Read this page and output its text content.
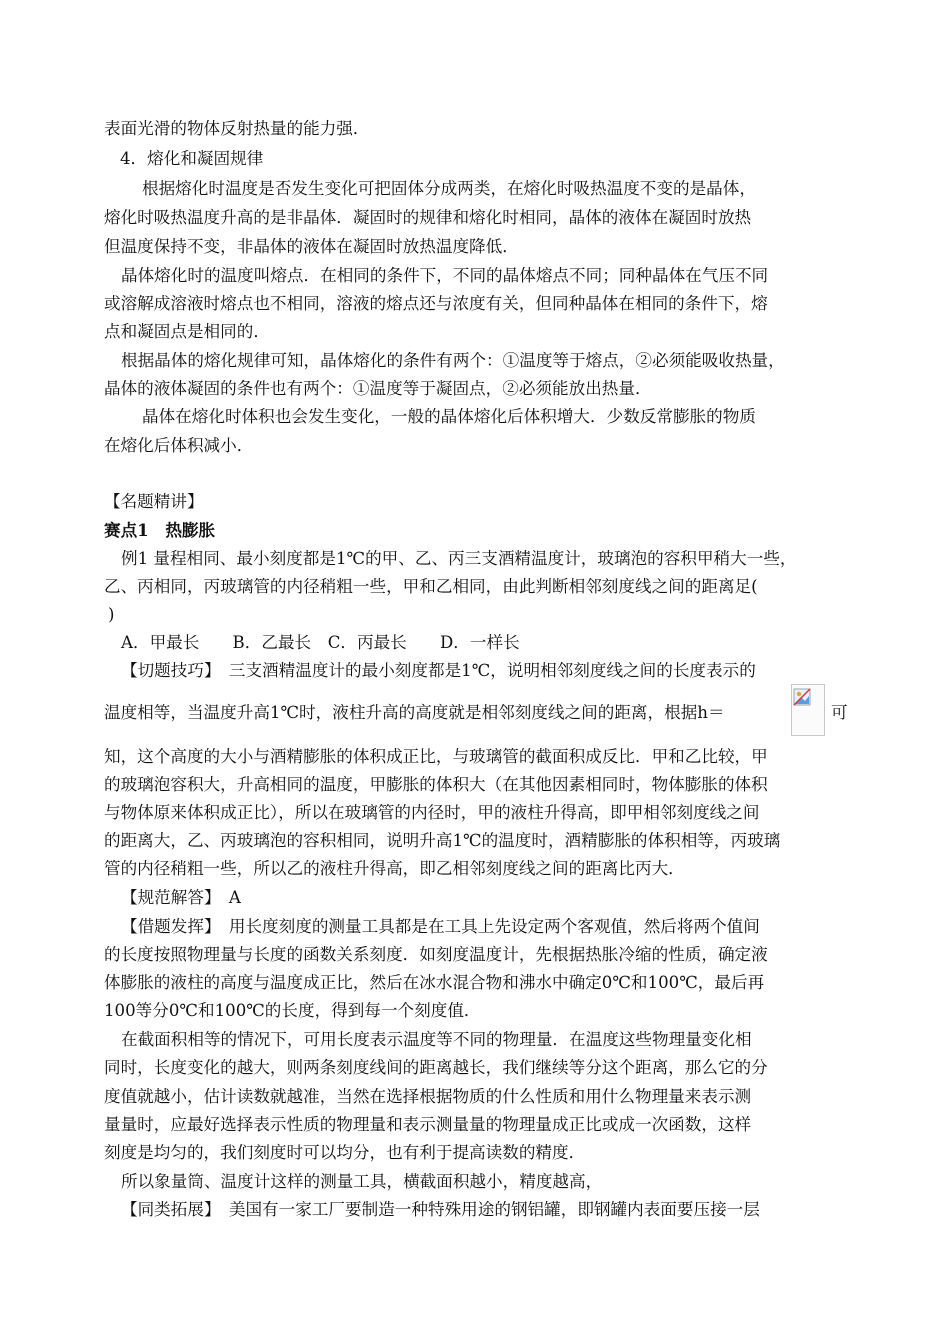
表面光滑的物体反射热量的能力强．
4．熔化和凝固规律
根据熔化时温度是否发生变化可把固体分成两类，在熔化时吸热温度不变的是晶体，
熔化时吸热温度升高的是非晶体．凝固时的规律和熔化时相同，晶体的液体在凝固时放热
但温度保持不变，非晶体的液体在凝固时放热温度降低．
晶体熔化时的温度叫熔点．在相同的条件下，不同的晶体熔点不同；同种晶体在气压不同
或溶解成溶液时熔点也不相同，溶液的熔点还与浓度有关，但同种晶体在相同的条件下，熔
点和凝固点是相同的．
根据晶体的熔化规律可知，晶体熔化的条件有两个：①温度等于熔点，②必须能吸收热量，
晶体的液体凝固的条件也有两个：①温度等于凝固点，②必须能放出热量．
晶体在熔化时体积也会发生变化，一般的晶体熔化后体积增大．少数反常膨胀的物质
在熔化后体积减小．
【名题精讲】
赛点1　热膨胀
例1 量程相同、最小刻度都是1℃的甲、乙、丙三支酒精温度计，玻璃泡的容积甲稍大一些，
乙、丙相同，丙玻璃管的内径稍粗一些，甲和乙相同，由此判断相邻刻度线之间的距离足(
)
A．甲最长　　B．乙最长　C．丙最长　　D．一样长
【切题技巧】　三支酒精温度计的最小刻度都是1℃，说明相邻刻度线之间的长度表示的
温度相等，当温度升高1℃时，液柱升高的高度就是相邻刻度线之间的距离，根据h＝	可
知，这个高度的大小与酒精膨胀的体积成正比，与玻璃管的截面积成反比．甲和乙比较，甲
的玻璃泡容积大，升高相同的温度，甲膨胀的体积大（在其他因素相同时，物体膨胀的体积
与物体原来体积成正比），所以在玻璃管的内径时，甲的液柱升得高，即甲相邻刻度线之间
的距离大，乙、丙玻璃泡的容积相同，说明升高1℃的温度时，酒精膨胀的体积相等，丙玻璃
管的内径稍粗一些，所以乙的液柱升得高，即乙相邻刻度线之间的距离比丙大．
【规范解答】　A
【借题发挥】　用长度刻度的测量工具都是在工具上先设定两个客观值，然后将两个值间
的长度按照物理量与长度的函数关系刻度．如刻度温度计，先根据热胀冷缩的性质，确定液
体膨胀的液柱的高度与温度成正比，然后在冰水混合物和沸水中确定0℃和100℃，最后再
100等分0℃和100℃的长度，得到每一个刻度值．
在截面积相等的情况下，可用长度表示温度等不同的物理量．在温度这些物理量变化相
同时，长度变化的越大，则两条刻度线间的距离越长，我们继续等分这个距离，那么它的分
度值就越小，估计读数就越准，当然在选择根据物质的什么性质和用什么物理量来表示测
量量时，应最好选择表示性质的物理量和表示测量量的物理量成正比或成一次函数，这样
刻度是均匀的，我们刻度时可以均分，也有利于提高读数的精度．
所以象量筒、温度计这样的测量工具，横截面积越小，精度越高，
【同类拓展】　美国有一家工厂要制造一种特殊用途的钢铝罐，即钢罐内表面要压接一层
